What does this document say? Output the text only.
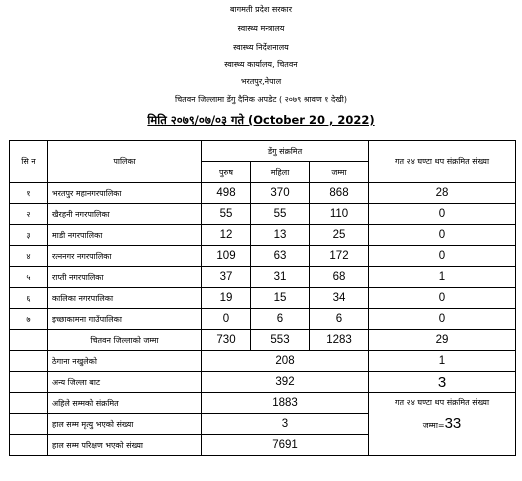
बागमती प्रदेश सरकार
स्वास्थ्य मन्त्रालय
स्वास्थ्य निर्देशनालय
स्वास्थ्य कार्यालय, चितवन
भरतपुर,नेपाल
चितवन जिल्लामा डेंगु दैनिक अपडेट ( २०७९ श्रावण १ देखी)
मिति २०७९/०७/०३ गते (October 20 , 2022)
सि न	पालिका	डेंगु संक्रमित			गत २४ घण्टा थप संक्रमित संख्या
		पुरुष	महिला	जम्मा	
१	भरतपुर महानगरपालिका	498	370	868	28
२	खैरहनी नगरपालिका	55	55	110	0
३	माडी नगरपालिका	12	13	25	0
४	रत्ननगर नगरपालिका	109	63	172	0
५	राप्ती नगरपालिका	37	31	68	1
६	कालिका नगरपालिका	19	15	34	0
७	इच्छाकामना गाउँपालिका	0	6	6	0
	चितवन जिल्लाको जम्मा	730	553	1283	29
	ठेगाना नखुलेको	208			1
	अन्य जिल्ला बाट	392			3
	अहिले सम्मको संक्रमित	1883			गत २४ घण्टा थप संक्रमित संख्या
जम्मा=33

	हाल सम्म मृत्यु भएको संख्या	3			
	हाल सम्म परिक्षण भएको संख्या	7691			
